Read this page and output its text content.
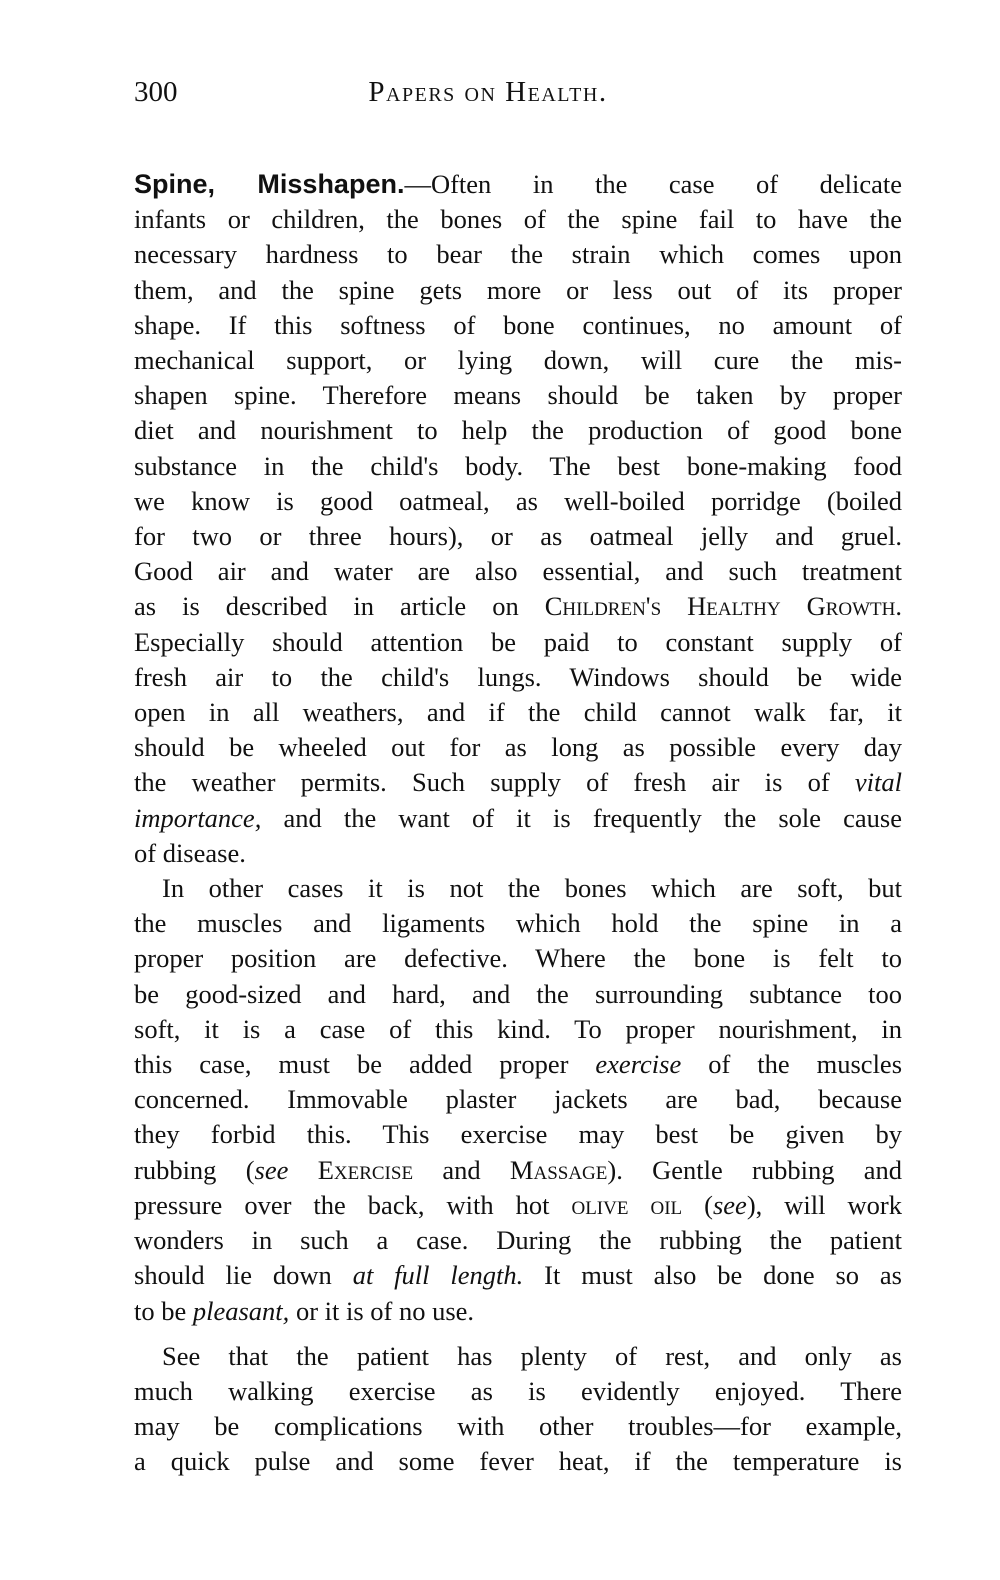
300	Papers on Health.
Spine, Misshapen.—Often in the case of delicate
infants or children, the bones of the spine fail to have the
necessary hardness to bear the strain which comes upon
them, and the spine gets more or less out of its proper
shape. If this softness of bone continues, no amount of
mechanical support, or lying down, will cure the mis-
shapen spine. Therefore means should be taken by proper
diet and nourishment to help the production of good bone
substance in the child's body. The best bone-making food
we know is good oatmeal, as well-boiled porridge (boiled
for two or three hours), or as oatmeal jelly and gruel.
Good air and water are also essential, and such treatment
as is described in article on Children's Healthy Growth.
Especially should attention be paid to constant supply of
fresh air to the child's lungs. Windows should be wide
open in all weathers, and if the child cannot walk far, it
should be wheeled out for as long as possible every day
the weather permits. Such supply of fresh air is of vital
importance, and the want of it is frequently the sole cause
of disease.
In other cases it is not the bones which are soft, but
the muscles and ligaments which hold the spine in a
proper position are defective. Where the bone is felt to
be good-sized and hard, and the surrounding subtance too
soft, it is a case of this kind. To proper nourishment, in
this case, must be added proper exercise of the muscles
concerned. Immovable plaster jackets are bad, because
they forbid this. This exercise may best be given by
rubbing (see Exercise and Massage). Gentle rubbing and
pressure over the back, with hot olive oil (see), will work
wonders in such a case. During the rubbing the patient
should lie down at full length. It must also be done so as
to be pleasant, or it is of no use.
See that the patient has plenty of rest, and only as
much walking exercise as is evidently enjoyed. There
may be complications with other troubles—for example,
a quick pulse and some fever heat, if the temperature is
